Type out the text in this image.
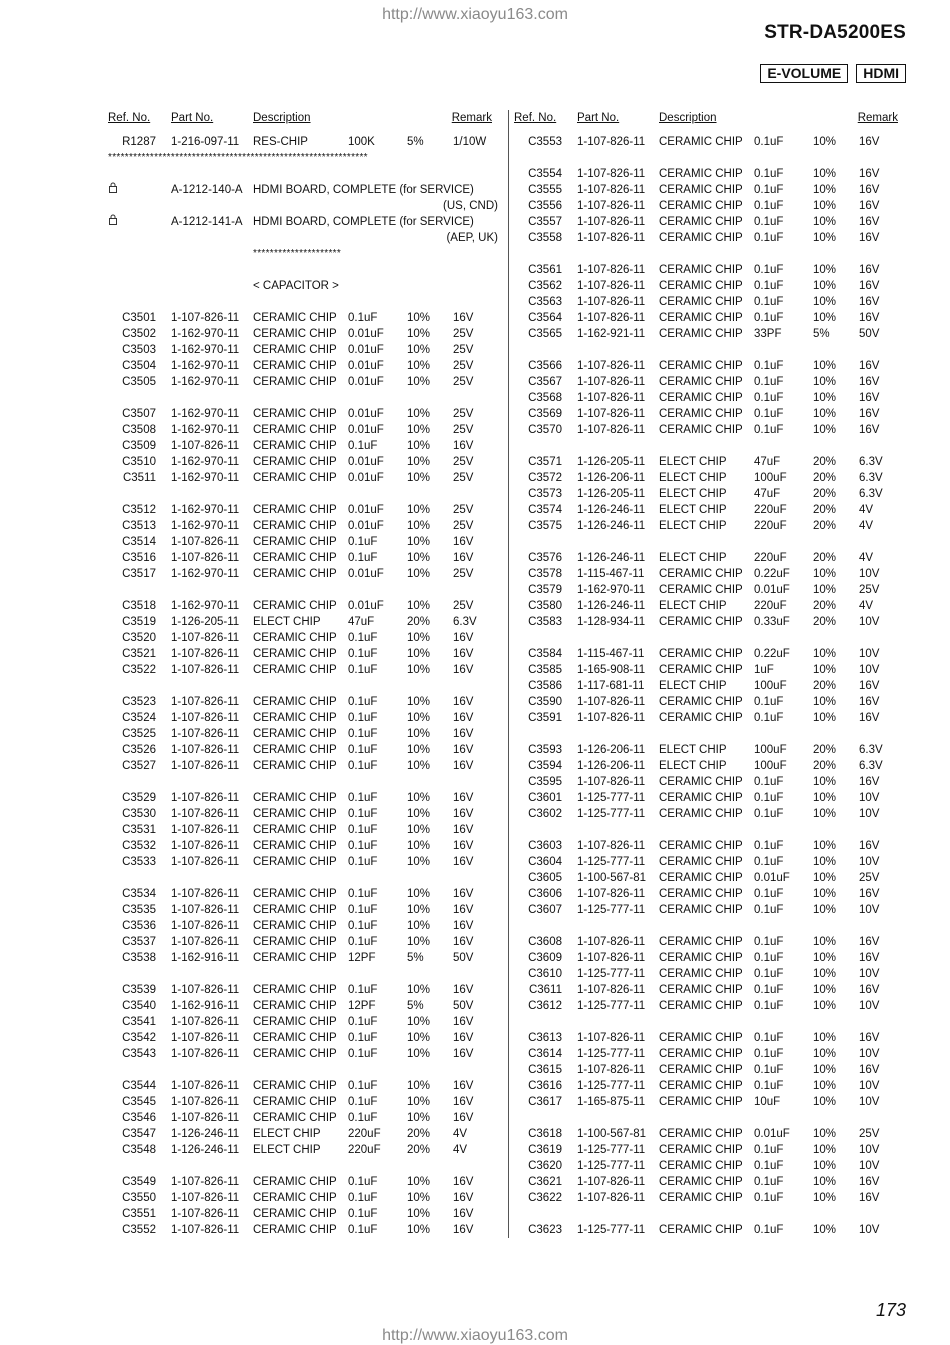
http://www.xiaoyu163.com
STR-DA5200ES
E-VOLUME	HDMI
Ref. No.	Part No.	Description	Remark
R1287 1-216-097-11 RES-CHIP	100K	5%	1/10W
**************************************************************
A-1212-140-A HDMI BOARD, COMPLETE (for SERVICE)
(US, CND)
A-1212-141-A HDMI BOARD, COMPLETE (for SERVICE)
(AEP, UK)
*********************
< CAPACITOR >
C3501 1-107-826-11 CERAMIC CHIP 0.1uF	10% 16V
C3502 1-162-970-11 CERAMIC CHIP 0.01uF 10% 25V
C3503 1-162-970-11 CERAMIC CHIP 0.01uF 10% 25V
C3504 1-162-970-11 CERAMIC CHIP 0.01uF 10% 25V
C3505 1-162-970-11 CERAMIC CHIP 0.01uF 10% 25V
C3507 1-162-970-11 CERAMIC CHIP 0.01uF 10% 25V
C3508 1-162-970-11 CERAMIC CHIP 0.01uF 10% 25V
C3509 1-107-826-11 CERAMIC CHIP 0.1uF	10% 16V
C3510 1-162-970-11 CERAMIC CHIP 0.01uF 10% 25V
C3511 1-162-970-11 CERAMIC CHIP 0.01uF 10% 25V
C3512 1-162-970-11 CERAMIC CHIP 0.01uF 10% 25V
C3513 1-162-970-11 CERAMIC CHIP 0.01uF 10% 25V
C3514 1-107-826-11 CERAMIC CHIP 0.1uF	10% 16V
C3516 1-107-826-11 CERAMIC CHIP 0.1uF	10% 16V
C3517 1-162-970-11 CERAMIC CHIP 0.01uF 10% 25V
C3518 1-162-970-11 CERAMIC CHIP 0.01uF 10% 25V
C3519 1-126-205-11 ELECT CHIP 47uF	20% 6.3V
C3520 1-107-826-11 CERAMIC CHIP 0.1uF	10% 16V
C3521 1-107-826-11 CERAMIC CHIP 0.1uF	10% 16V
C3522 1-107-826-11 CERAMIC CHIP 0.1uF	10% 16V
C3523 1-107-826-11 CERAMIC CHIP 0.1uF	10% 16V
C3524 1-107-826-11 CERAMIC CHIP 0.1uF	10% 16V
C3525 1-107-826-11 CERAMIC CHIP 0.1uF	10% 16V
C3526 1-107-826-11 CERAMIC CHIP 0.1uF	10% 16V
C3527 1-107-826-11 CERAMIC CHIP 0.1uF	10% 16V
C3529 1-107-826-11 CERAMIC CHIP 0.1uF	10% 16V
C3530 1-107-826-11 CERAMIC CHIP 0.1uF	10% 16V
C3531 1-107-826-11 CERAMIC CHIP 0.1uF	10% 16V
C3532 1-107-826-11 CERAMIC CHIP 0.1uF	10% 16V
C3533 1-107-826-11 CERAMIC CHIP 0.1uF	10% 16V
C3534 1-107-826-11 CERAMIC CHIP 0.1uF	10% 16V
C3535 1-107-826-11 CERAMIC CHIP 0.1uF	10% 16V
C3536 1-107-826-11 CERAMIC CHIP 0.1uF	10% 16V
C3537 1-107-826-11 CERAMIC CHIP 0.1uF	10% 16V
C3538 1-162-916-11 CERAMIC CHIP 12PF	5%	50V
C3539 1-107-826-11 CERAMIC CHIP 0.1uF	10% 16V
C3540 1-162-916-11 CERAMIC CHIP 12PF	5%	50V
C3541 1-107-826-11 CERAMIC CHIP 0.1uF	10% 16V
C3542 1-107-826-11 CERAMIC CHIP 0.1uF	10% 16V
C3543 1-107-826-11 CERAMIC CHIP 0.1uF	10% 16V
C3544 1-107-826-11 CERAMIC CHIP 0.1uF	10% 16V
C3545 1-107-826-11 CERAMIC CHIP 0.1uF	10% 16V
C3546 1-107-826-11 CERAMIC CHIP 0.1uF	10% 16V
C3547 1-126-246-11 ELECT CHIP 220uF 20% 4V
C3548 1-126-246-11 ELECT CHIP 220uF 20% 4V
C3549 1-107-826-11 CERAMIC CHIP 0.1uF	10% 16V
C3550 1-107-826-11 CERAMIC CHIP 0.1uF	10% 16V
C3551 1-107-826-11 CERAMIC CHIP 0.1uF	10% 16V
C3552 1-107-826-11 CERAMIC CHIP 0.1uF	10% 16V
Ref. No.	Part No.	Description	Remark
C3553 1-107-826-11 CERAMIC CHIP 0.1uF	10% 16V
C3554 1-107-826-11 CERAMIC CHIP 0.1uF	10% 16V
C3555 1-107-826-11 CERAMIC CHIP 0.1uF	10% 16V
C3556 1-107-826-11 CERAMIC CHIP 0.1uF	10% 16V
C3557 1-107-826-11 CERAMIC CHIP 0.1uF	10% 16V
C3558 1-107-826-11 CERAMIC CHIP 0.1uF	10% 16V
C3561 1-107-826-11 CERAMIC CHIP 0.1uF	10% 16V
C3562 1-107-826-11 CERAMIC CHIP 0.1uF	10% 16V
C3563 1-107-826-11 CERAMIC CHIP 0.1uF	10% 16V
C3564 1-107-826-11 CERAMIC CHIP 0.1uF	10% 16V
C3565 1-162-921-11 CERAMIC CHIP 33PF	5%	50V
C3566 1-107-826-11 CERAMIC CHIP 0.1uF	10% 16V
C3567 1-107-826-11 CERAMIC CHIP 0.1uF	10% 16V
C3568 1-107-826-11 CERAMIC CHIP 0.1uF	10% 16V
C3569 1-107-826-11 CERAMIC CHIP 0.1uF	10% 16V
C3570 1-107-826-11 CERAMIC CHIP 0.1uF	10% 16V
C3571 1-126-205-11 ELECT CHIP 47uF	20% 6.3V
C3572 1-126-206-11 ELECT CHIP 100uF 20% 6.3V
C3573 1-126-205-11 ELECT CHIP 47uF	20% 6.3V
C3574 1-126-246-11 ELECT CHIP 220uF 20% 4V
C3575 1-126-246-11 ELECT CHIP 220uF 20% 4V
C3576 1-126-246-11 ELECT CHIP 220uF 20% 4V
C3578 1-115-467-11 CERAMIC CHIP 0.22uF 10% 10V
C3579 1-162-970-11 CERAMIC CHIP 0.01uF 10% 25V
C3580 1-126-246-11 ELECT CHIP 220uF 20% 4V
C3583 1-128-934-11 CERAMIC CHIP 0.33uF 20% 10V
C3584 1-115-467-11 CERAMIC CHIP 0.22uF 10% 10V
C3585 1-165-908-11 CERAMIC CHIP 1uF	10% 10V
C3586 1-117-681-11 ELECT CHIP 100uF 20% 16V
C3590 1-107-826-11 CERAMIC CHIP 0.1uF	10% 16V
C3591 1-107-826-11 CERAMIC CHIP 0.1uF	10% 16V
C3593 1-126-206-11 ELECT CHIP 100uF 20% 6.3V
C3594 1-126-206-11 ELECT CHIP 100uF 20% 6.3V
C3595 1-107-826-11 CERAMIC CHIP 0.1uF	10% 16V
C3601 1-125-777-11 CERAMIC CHIP 0.1uF	10% 10V
C3602 1-125-777-11 CERAMIC CHIP 0.1uF	10% 10V
C3603 1-107-826-11 CERAMIC CHIP 0.1uF	10% 16V
C3604 1-125-777-11 CERAMIC CHIP 0.1uF	10% 10V
C3605 1-100-567-81 CERAMIC CHIP 0.01uF 10% 25V
C3606 1-107-826-11 CERAMIC CHIP 0.1uF	10% 16V
C3607 1-125-777-11 CERAMIC CHIP 0.1uF	10% 10V
C3608 1-107-826-11 CERAMIC CHIP 0.1uF	10% 16V
C3609 1-107-826-11 CERAMIC CHIP 0.1uF	10% 16V
C3610 1-125-777-11 CERAMIC CHIP 0.1uF	10% 10V
C3611 1-107-826-11 CERAMIC CHIP 0.1uF	10% 16V
C3612 1-125-777-11 CERAMIC CHIP 0.1uF	10% 10V
C3613 1-107-826-11 CERAMIC CHIP 0.1uF	10% 16V
C3614 1-125-777-11 CERAMIC CHIP 0.1uF	10% 10V
C3615 1-107-826-11 CERAMIC CHIP 0.1uF	10% 16V
C3616 1-125-777-11 CERAMIC CHIP 0.1uF	10% 10V
C3617 1-165-875-11 CERAMIC CHIP 10uF	10% 10V
C3618 1-100-567-81 CERAMIC CHIP 0.01uF 10% 25V
C3619 1-125-777-11 CERAMIC CHIP 0.1uF	10% 10V
C3620 1-125-777-11 CERAMIC CHIP 0.1uF	10% 10V
C3621 1-107-826-11 CERAMIC CHIP 0.1uF	10% 16V
C3622 1-107-826-11 CERAMIC CHIP 0.1uF	10% 16V
C3623 1-125-777-11 CERAMIC CHIP 0.1uF	10% 10V
173
http://www.xiaoyu163.com
